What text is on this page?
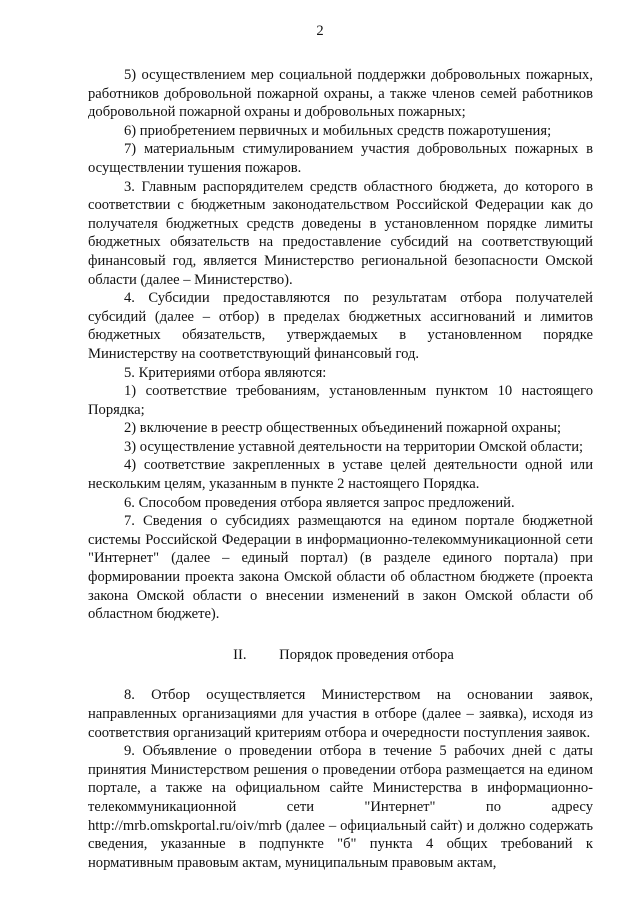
2

5) осуществлением мер социальной поддержки добровольных пожарных, работников добровольной пожарной охраны, а также членов семей работников добровольной пожарной охраны и добровольных пожарных;

6) приобретением первичных и мобильных средств пожаротушения;

7) материальным стимулированием участия добровольных пожарных в осуществлении тушения пожаров.

3. Главным распорядителем средств областного бюджета, до которого в соответствии с бюджетным законодательством Российской Федерации как до получателя бюджетных средств доведены в установленном порядке лимиты бюджетных обязательств на предоставление субсидий на соответствующий финансовый год, является Министерство региональной безопасности Омской области (далее – Министерство).

4. Субсидии предоставляются по результатам отбора получателей субсидий (далее – отбор) в пределах бюджетных ассигнований и лимитов бюджетных обязательств, утверждаемых в установленном порядке Министерству на соответствующий финансовый год.

5. Критериями отбора являются:

1) соответствие требованиям, установленным пунктом 10 настоящего Порядка;

2) включение в реестр общественных объединений пожарной охраны;

3) осуществление уставной деятельности на территории Омской области;

4) соответствие закрепленных в уставе целей деятельности одной или нескольким целям, указанным в пункте 2 настоящего Порядка.

6. Способом проведения отбора является запрос предложений.

7. Сведения о субсидиях размещаются на едином портале бюджетной системы Российской Федерации в информационно-телекоммуникационной сети "Интернет" (далее – единый портал) (в разделе единого портала) при формировании проекта закона Омской области об областном бюджете (проекта закона Омской области о внесении изменений в закон Омской области об областном бюджете).

II. Порядок проведения отбора

8. Отбор осуществляется Министерством на основании заявок, направленных организациями для участия в отборе (далее – заявка), исходя из соответствия организаций критериям отбора и очередности поступления заявок.

9. Объявление о проведении отбора в течение 5 рабочих дней с даты принятия Министерством решения о проведении отбора размещается на едином портале, а также на официальном сайте Министерства в информационно-телекоммуникационной сети "Интернет" по адресу http://mrb.omskportal.ru/oiv/mrb (далее – официальный сайт) и должно содержать сведения, указанные в подпункте "б" пункта 4 общих требований к нормативным правовым актам, муниципальным правовым актам,
